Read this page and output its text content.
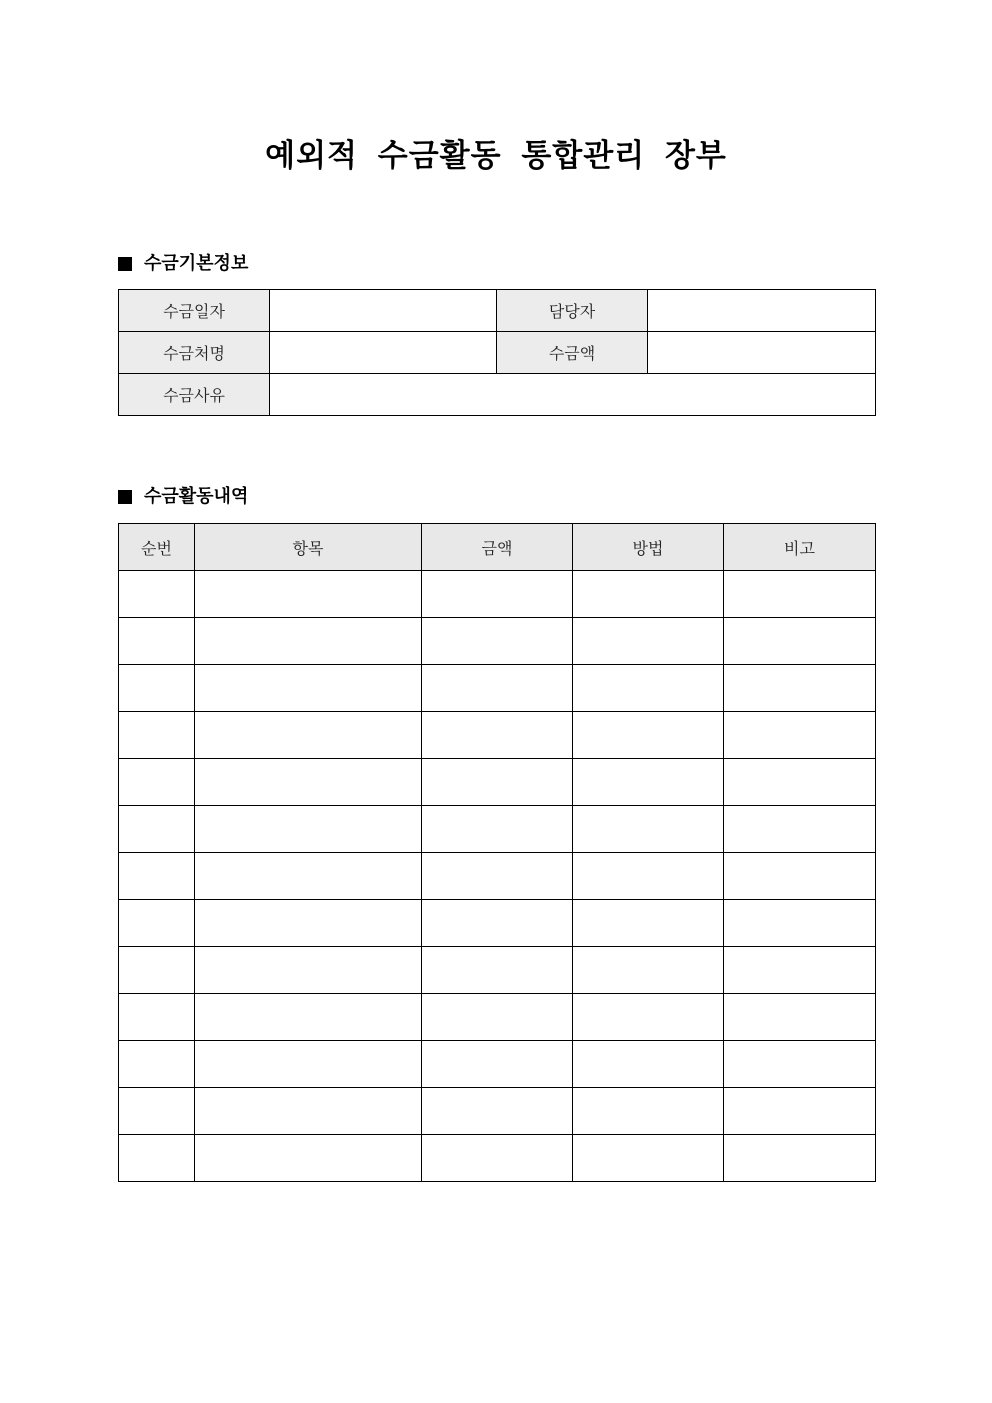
예외적 수금활동 통합관리 장부
수금기본정보
수금일자		담당자	
수금처명		수금액	
수금사유			
수금활동내역
순번	항목	금액	방법	비고
